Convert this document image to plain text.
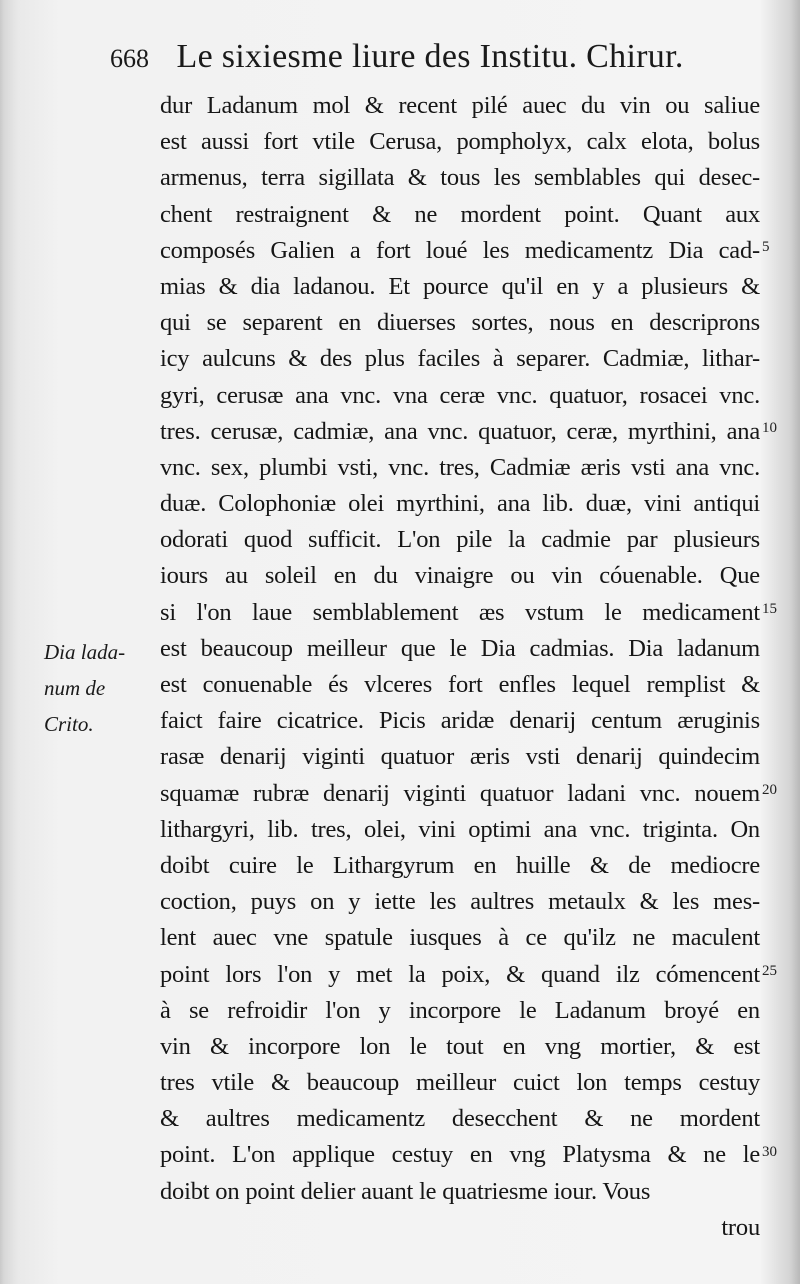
668 Le sixiesme liure des Institu. Chirur.

dur Ladanum mol & recent pilé auec du vin ou saliue
est aussi fort vtile Cerusa, pompholyx, calx elota, bolus
armenus, terra sigillata & tous les semblables qui desec-
chent restraignent & ne mordent point. Quant aux
composés Galien a fort loué les medicamentz Dia cad-
mias & dia ladanou. Et pource qu'il en y a plusieurs &
qui se separent en diuerses sortes, nous en descriprons
icy aulcuns & des plus faciles à separer. Cadmiæ, lithar-
gyri, cerusæ ana vnc. vna ceræ vnc. quatuor, rosacei vnc.
tres. cerusæ, cadmiæ, ana vnc. quatuor, ceræ, myrthini, ana
vnc. sex, plumbi vsti, vnc. tres, Cadmiæ æris vsti ana vnc.
duæ. Colophoniæ olei myrthini, ana lib. duæ, vini antiqui
odorati quod sufficit. L'on pile la cadmie par plusieurs
iours au soleil en du vinaigre ou vin cóuenable. Que
si l'on laue semblablement æs vstum le medicament
est beaucoup meilleur que le Dia cadmias. Dia ladanum
est conuenable és vlceres fort enfles lequel remplist &
faict faire cicatrice. Picis aridæ denarij centum æruginis
rasæ denarij viginti quatuor æris vsti denarij quindecim
squamæ rubræ denarij viginti quatuor ladani vnc. nouem
lithargyri, lib. tres, olei, vini optimi ana vnc. triginta. On
doibt cuire le Lithargyrum en huille & de mediocre
coction, puys on y iette les aultres metaulx & les mes-
lent auec vne spatule iusques à ce qu'ilz ne maculent
point lors l'on y met la poix, & quand ilz cómencent
à se refroidir l'on y incorpore le Ladanum broyé en
vin & incorpore lon le tout en vng mortier, & est
tres vtile & beaucoup meilleur cuict lon temps cestuy
& aultres medicamentz desecchent & ne mordent
point. L'on applique cestuy en vng Platysma & ne le
doibt on point delier auant le quatriesme iour. Vous
trou
5
10
15
20
25
30
Dia lada-
num de
Crito.
